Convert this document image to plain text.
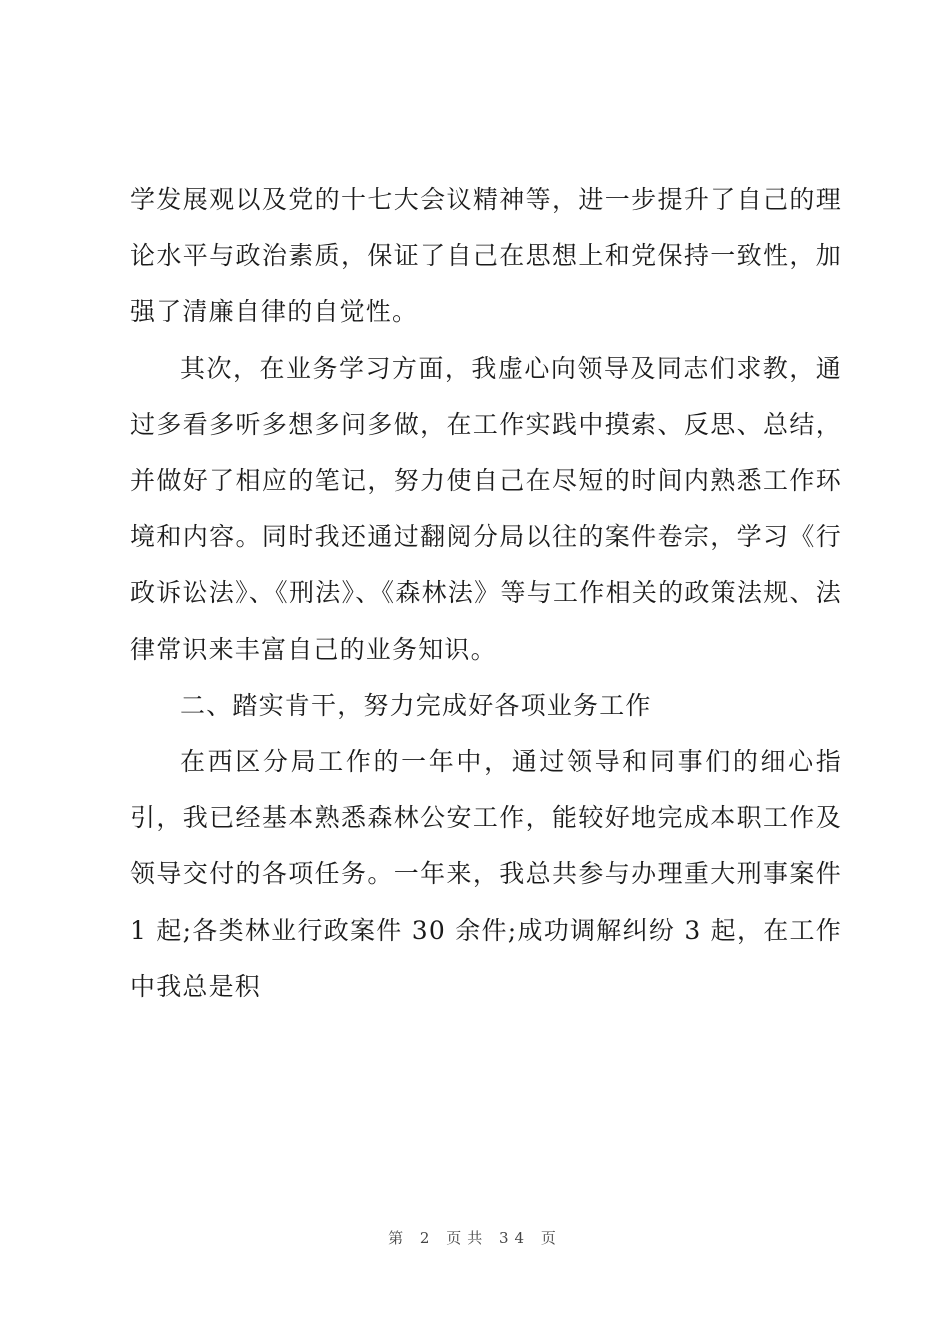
学发展观以及党的十七大会议精神等，进一步提升了自己的理论水平与政治素质，保证了自己在思想上和党保持一致性，加强了清廉自律的自觉性。

其次，在业务学习方面，我虚心向领导及同志们求教，通过多看多听多想多问多做，在工作实践中摸索、反思、总结，并做好了相应的笔记，努力使自己在尽短的时间内熟悉工作环境和内容。同时我还通过翻阅分局以往的案件卷宗，学习《行政诉讼法》、《刑法》、《森林法》等与工作相关的政策法规、法律常识来丰富自己的业务知识。

二、踏实肯干，努力完成好各项业务工作

在西区分局工作的一年中，通过领导和同事们的细心指引，我已经基本熟悉森林公安工作，能较好地完成本职工作及领导交付的各项任务。一年来，我总共参与办理重大刑事案件 1 起;各类林业行政案件 30 余件;成功调解纠纷 3 起，在工作中我总是积

第 2 页共 34 页
